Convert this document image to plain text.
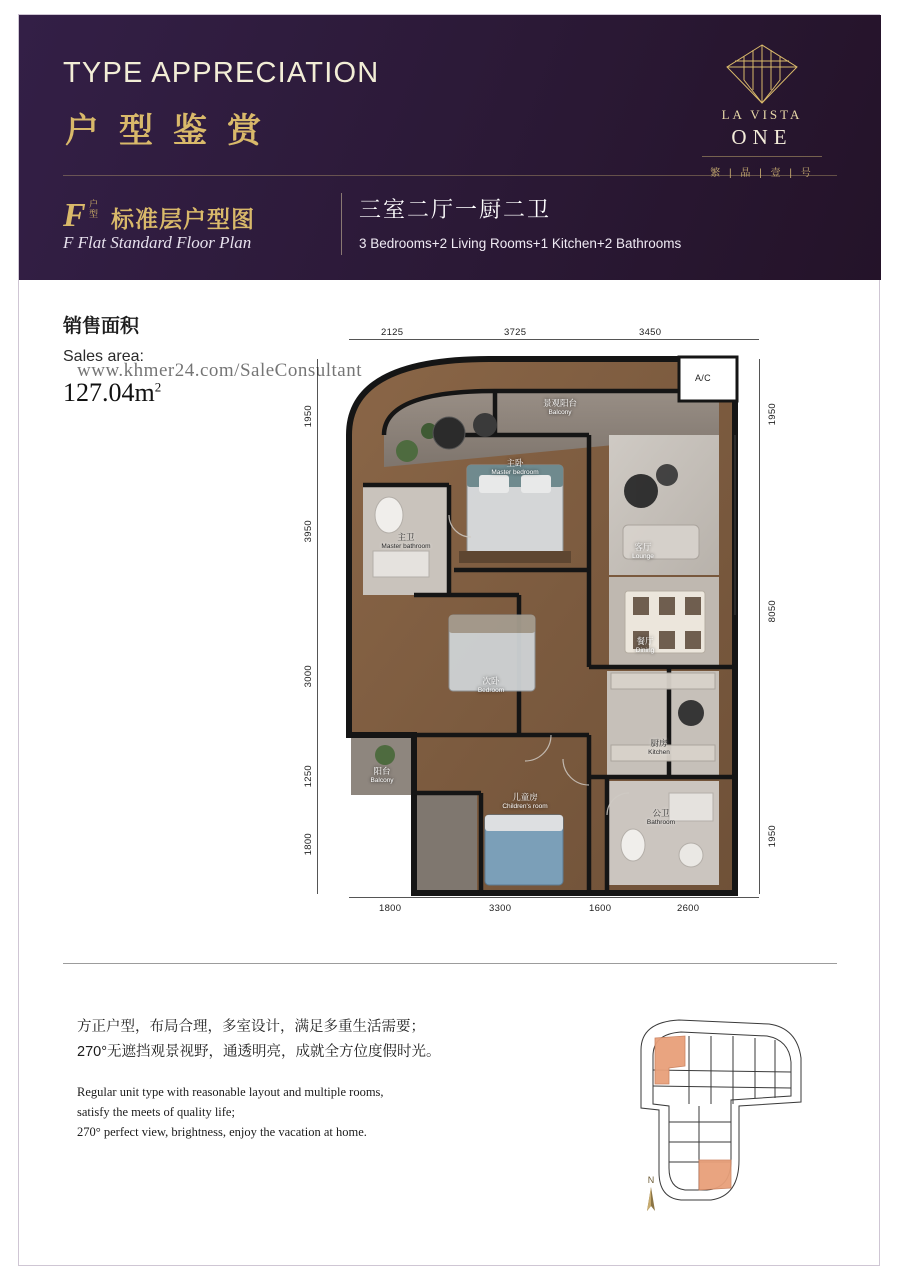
TYPE APPRECIATION
户型鉴赏
F 户
型 标准层户型图
F Flat Standard Floor Plan
三室二厅一厨二卫
3 Bedrooms+2 Living Rooms+1 Kitchen+2 Bathrooms
LA VISTA
ONE
繁 | 晶 | 壹 | 号
销售面积
Sales area:
$127.04m^2$
2125	3725	3450
1800	3300	1600	2600
1950
3950
3000
1250
1800
1950
8050
1950
景观阳台
Balcony
主卧
Master bedroom
主卫
Master bathroom	客厅
Lounge
餐厅
Dining
次卧
Bedroom
厨房
Kitchen
阳台
Balcony
儿童房
Children's room
公卫
Bathroom
A/C
www.khmer24.com/SaleConsultant
方正户型，布局合理，多室设计，满足多重生活需要；
270°无遮挡观景视野，通透明亮，成就全方位度假时光。
Regular unit type with reasonable layout and multiple rooms,
satisfy the meets of quality life;
270° perfect view, brightness, enjoy the vacation at home.
N
